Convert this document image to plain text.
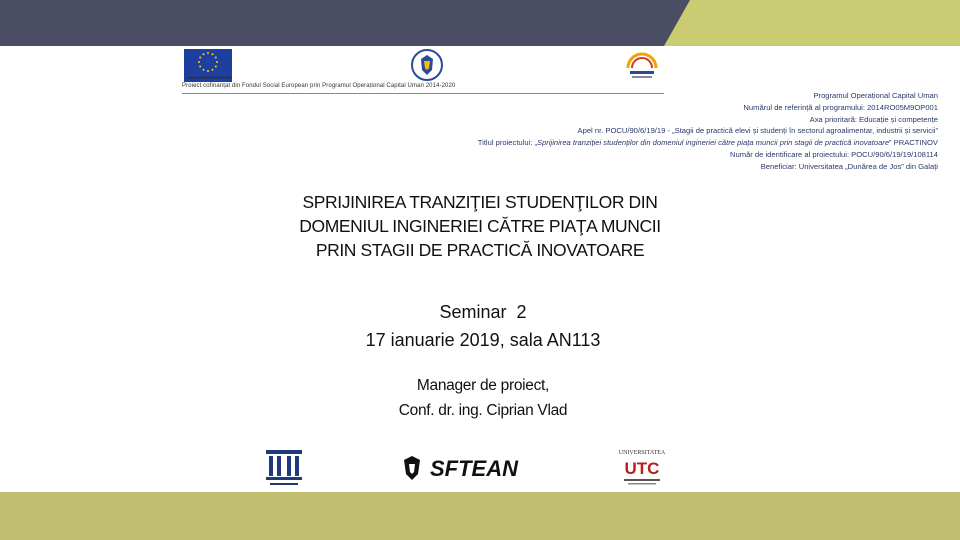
UNIUNEA EUROPEANĂ
Proiect cofinanțat din Fondul Social European prin Programul Operațional Capital Uman 2014-2020
Programul Operațional Capital Uman
Numărul de referință al programului: 2014RO05M9OP001
Axa prioritară: Educație și competențe
Apel nr. POCU/90/6/19/19 - „Stagii de practică elevi și studenți în sectorul agroalimentar, industrii și servicii”
Titlul proiectului: „Sprijinirea tranziției studenților din domeniul ingineriei către piața muncii prin stagii de practică inovatoare” PRACTINOV
Număr de identificare al proiectului: POCU/90/6/19/19/108114
Beneficiar: Universitatea „Dunărea de Jos” din Galați
SPRIJINIREA TRANZIŢIEI STUDENŢILOR DIN
DOMENIUL INGINERIEI CĂTRE PIAŢA MUNCII
PRIN STAGII DE PRACTICĂ INOVATOARE
Seminar  2
17 ianuarie 2019, sala AN113
Manager de proiect,
Conf. dr. ing. Ciprian Vlad
SFTEAN
UNIVERSITATEA
UTC
